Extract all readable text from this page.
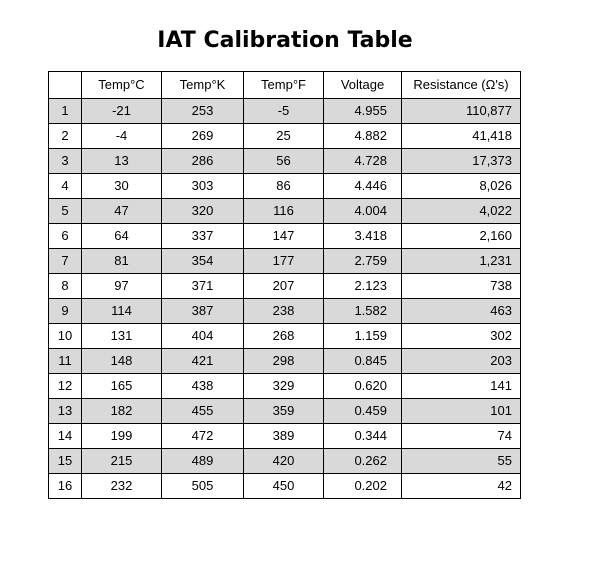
IAT Calibration Table
	Temp°C	Temp°K	Temp°F	Voltage	Resistance (Ω's)
1	-21	253	-5	4.955	110,877
2	-4	269	25	4.882	41,418
3	13	286	56	4.728	17,373
4	30	303	86	4.446	8,026
5	47	320	116	4.004	4,022
6	64	337	147	3.418	2,160
7	81	354	177	2.759	1,231
8	97	371	207	2.123	738
9	114	387	238	1.582	463
10	131	404	268	1.159	302
11	148	421	298	0.845	203
12	165	438	329	0.620	141
13	182	455	359	0.459	101
14	199	472	389	0.344	74
15	215	489	420	0.262	55
16	232	505	450	0.202	42
